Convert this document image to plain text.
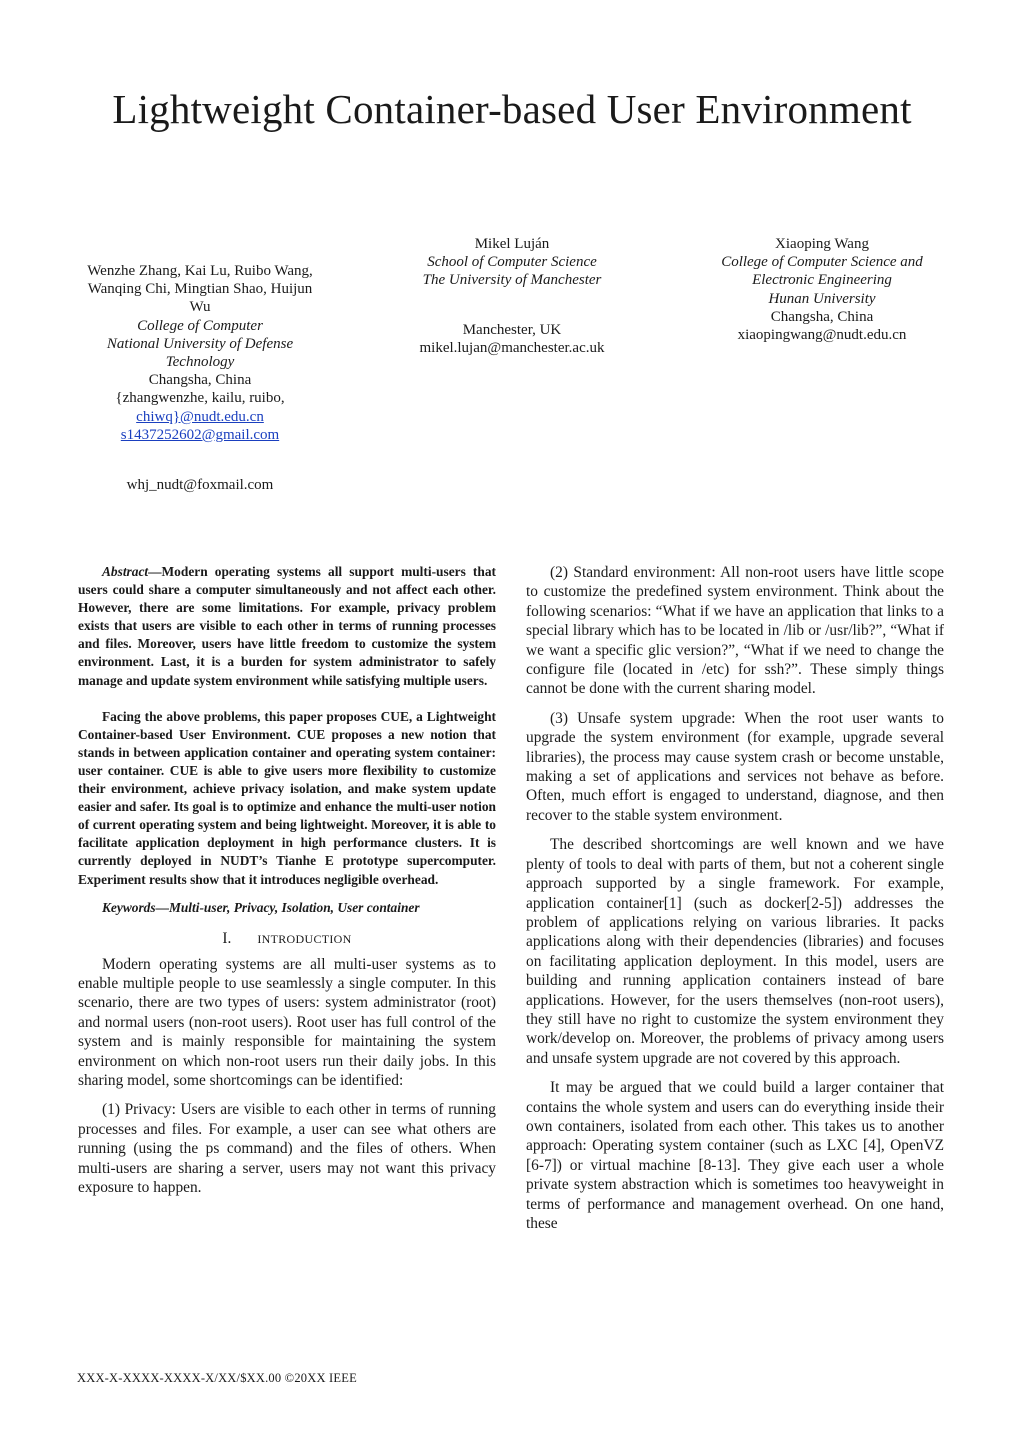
Lightweight Container-based User Environment
Wenzhe Zhang, Kai Lu, Ruibo Wang,
Wanqing Chi, Mingtian Shao, Huijun
Wu
College of Computer
National University of Defense
Technology
Changsha, China
{zhangwenzhe, kailu, ruibo,
chiwq}@nudt.edu.cn
s1437252602@gmail.com
whj_nudt@foxmail.com
Mikel Luján
School of Computer Science
The University of Manchester
Manchester, UK
mikel.lujan@manchester.ac.uk
Xiaoping Wang
College of Computer Science and
Electronic Engineering
Hunan University
Changsha, China
xiaopingwang@nudt.edu.cn

Abstract—Modern operating systems all support multi-users that users could share a computer simultaneously and not affect each other. However, there are some limitations. For example, privacy problem exists that users are visible to each other in terms of running processes and files. Moreover, users have little freedom to customize the system environment. Last, it is a burden for system administrator to safely manage and update system environment while satisfying multiple users.

Facing the above problems, this paper proposes CUE, a Lightweight Container-based User Environment. CUE proposes a new notion that stands in between application container and operating system container: user container. CUE is able to give users more flexibility to customize their environment, achieve privacy isolation, and make system update easier and safer. Its goal is to optimize and enhance the multi-user notion of current operating system and being lightweight. Moreover, it is able to facilitate application deployment in high performance clusters. It is currently deployed in NUDT’s Tianhe E prototype supercomputer. Experiment results show that it introduces negligible overhead.

Keywords—Multi-user, Privacy, Isolation, User container

I. INTRODUCTION

Modern operating systems are all multi-user systems as to enable multiple people to use seamlessly a single computer. In this scenario, there are two types of users: system administrator (root) and normal users (non-root users). Root user has full control of the system and is mainly responsible for maintaining the system environment on which non-root users run their daily jobs. In this sharing model, some shortcomings can be identified:

(1) Privacy: Users are visible to each other in terms of running processes and files. For example, a user can see what others are running (using the ps command) and the files of others. When multi-users are sharing a server, users may not want this privacy exposure to happen.

(2) Standard environment: All non-root users have little scope to customize the predefined system environment. Think about the following scenarios: “What if we have an application that links to a special library which has to be located in /lib or /usr/lib?”, “What if we want a specific glic version?”, “What if we need to change the configure file (located in /etc) for ssh?”. These simply things cannot be done with the current sharing model.

(3) Unsafe system upgrade: When the root user wants to upgrade the system environment (for example, upgrade several libraries), the process may cause system crash or become unstable, making a set of applications and services not behave as before. Often, much effort is engaged to understand, diagnose, and then recover to the stable system environment.

The described shortcomings are well known and we have plenty of tools to deal with parts of them, but not a coherent single approach supported by a single framework. For example, application container[1] (such as docker[2-5]) addresses the problem of applications relying on various libraries. It packs applications along with their dependencies (libraries) and focuses on facilitating application deployment. In this model, users are building and running application containers instead of bare applications. However, for the users themselves (non-root users), they still have no right to customize the system environment they work/develop on. Moreover, the problems of privacy among users and unsafe system upgrade are not covered by this approach.

It may be argued that we could build a larger container that contains the whole system and users can do everything inside their own containers, isolated from each other. This takes us to another approach: Operating system container (such as LXC [4], OpenVZ [6-7]) or virtual machine [8-13]. They give each user a whole private system abstraction which is sometimes too heavyweight in terms of performance and management overhead. On one hand, these

XXX-X-XXXX-XXXX-X/XX/$XX.00 ©20XX IEEE
